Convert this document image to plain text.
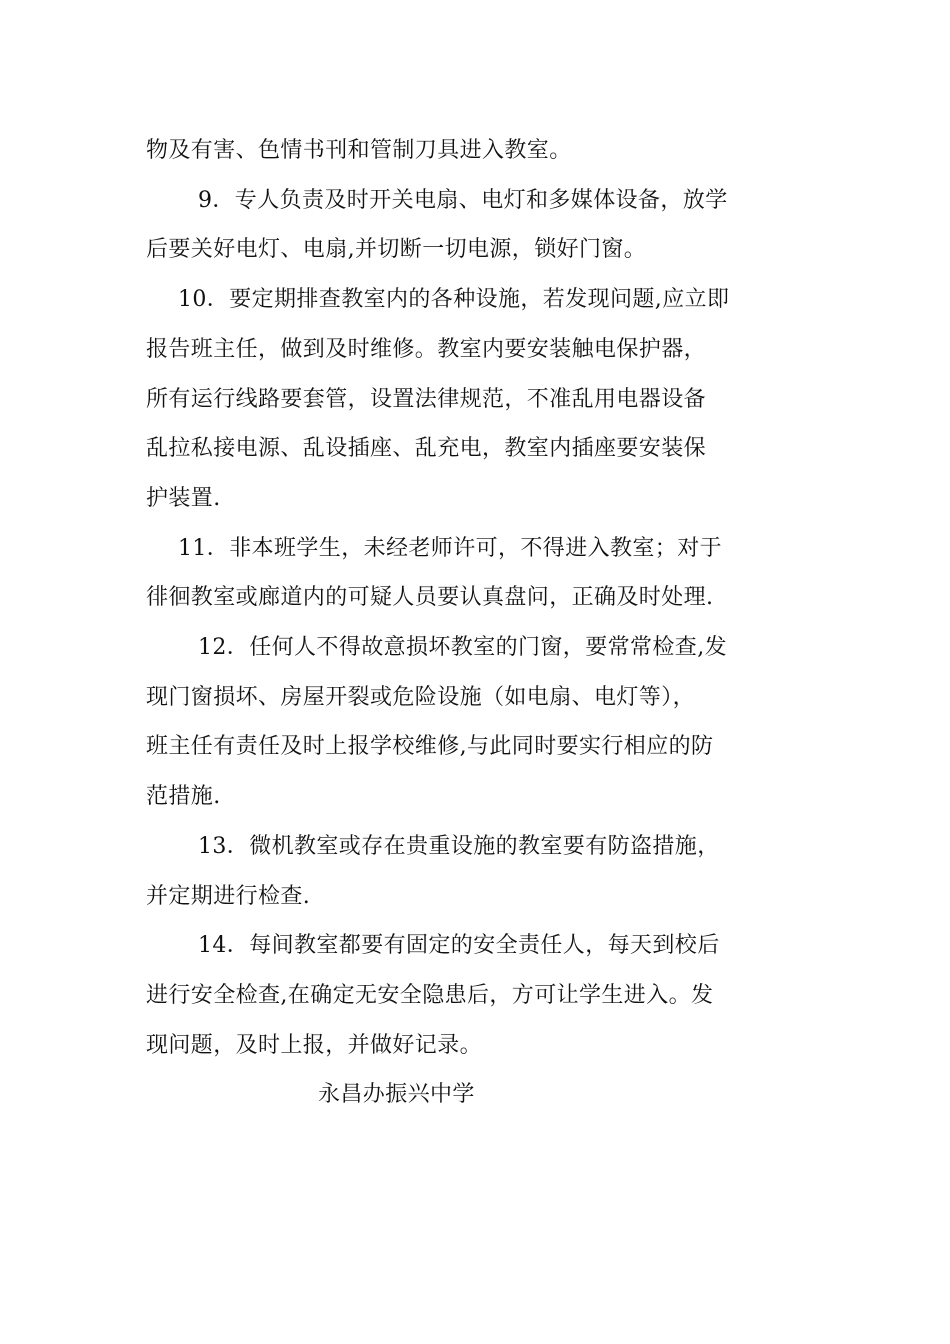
物及有害、色情书刊和管制刀具进入教室。
9．专人负责及时开关电扇、电灯和多媒体设备，放学
后要关好电灯、电扇,并切断一切电源，锁好门窗。
10．要定期排查教室内的各种设施，若发现问题,应立即
报告班主任，做到及时维修。教室内要安装触电保护器，
所有运行线路要套管，设置法律规范，不准乱用电器设备
乱拉私接电源、乱设插座、乱充电，教室内插座要安装保
护装置.
11．非本班学生，未经老师许可，不得进入教室；对于
徘徊教室或廊道内的可疑人员要认真盘问，正确及时处理.
12．任何人不得故意损坏教室的门窗，要常常检查,发
现门窗损坏、房屋开裂或危险设施（如电扇、电灯等），
班主任有责任及时上报学校维修,与此同时要实行相应的防
范措施.
13．微机教室或存在贵重设施的教室要有防盗措施，
并定期进行检查.
14．每间教室都要有固定的安全责任人，每天到校后
进行安全检查,在确定无安全隐患后，方可让学生进入。发
现问题，及时上报，并做好记录。
永昌办振兴中学
